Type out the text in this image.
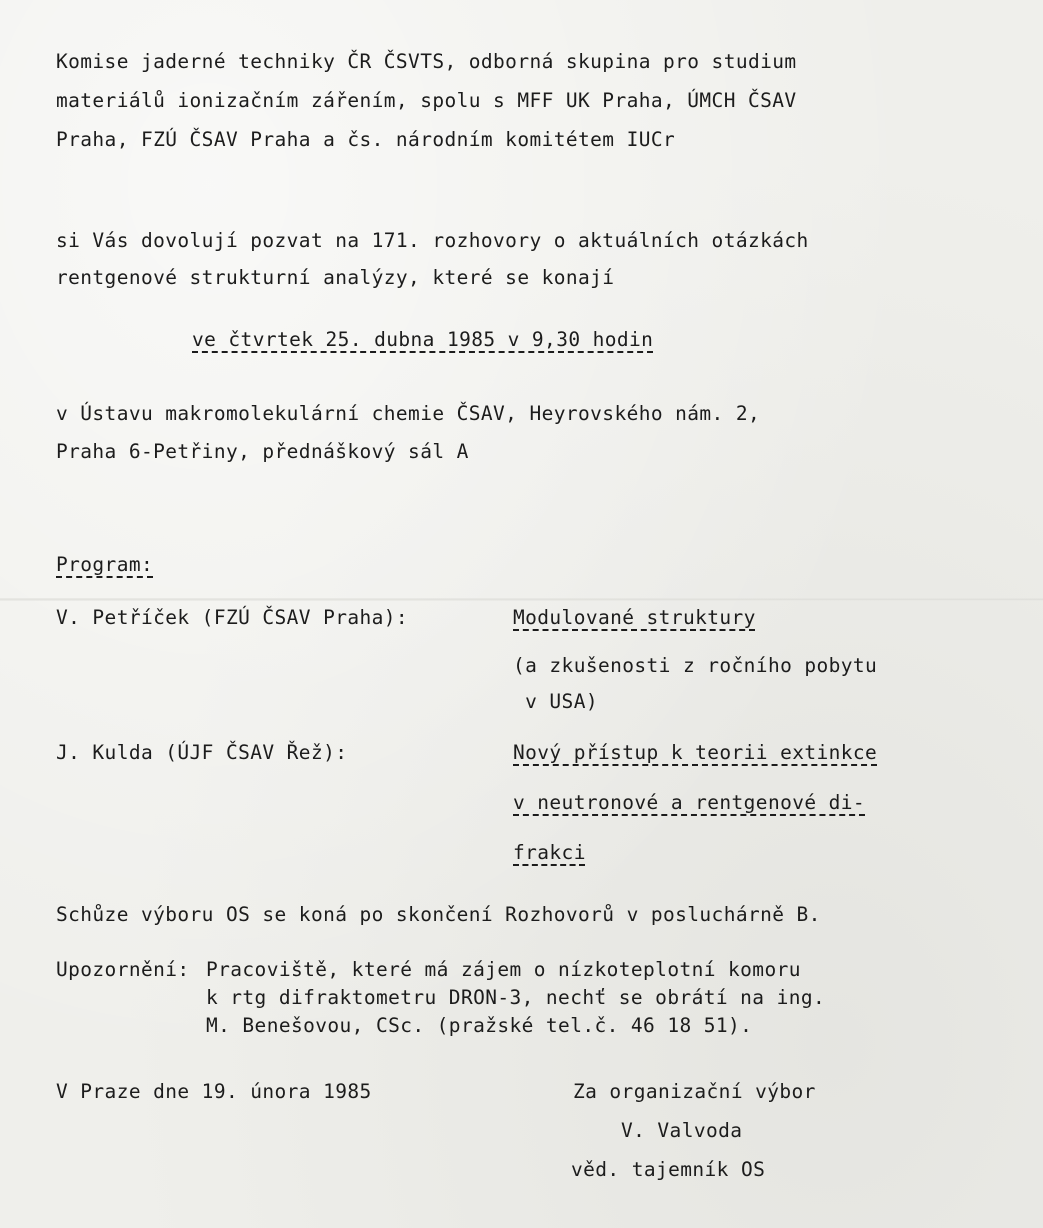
Komise jaderné techniky ČR ČSVTS, odborná skupina pro studium
materiálů ionizačním zářením, spolu s MFF UK Praha, ÚMCH ČSAV
Praha, FZÚ ČSAV Praha a čs. národním komitétem IUCr
si Vás dovolují pozvat na 171. rozhovory o aktuálních otázkách
rentgenové strukturní analýzy, které se konají
ve čtvrtek 25. dubna 1985 v 9,30 hodin
v Ústavu makromolekulární chemie ČSAV, Heyrovského nám. 2,
Praha 6-Petřiny, přednáškový sál A
Program:
V. Petříček (FZÚ ČSAV Praha):	Modulované struktury
(a zkušenosti z ročního pobytu
v USA)
J. Kulda (ÚJF ČSAV Řež):	Nový přístup k teorii extinkce
v neutronové a rentgenové di-
frakci
Schůze výboru OS se koná po skončení Rozhovorů v posluchárně B.
Upozornění: Pracoviště, které má zájem o nízkoteplotní komoru
k rtg difraktometru DRON-3, nechť se obrátí na ing.
M. Benešovou, CSc. (pražské tel.č. 46 18 51).
V Praze dne 19. února 1985	Za organizační výbor
V. Valvoda
věd. tajemník OS
